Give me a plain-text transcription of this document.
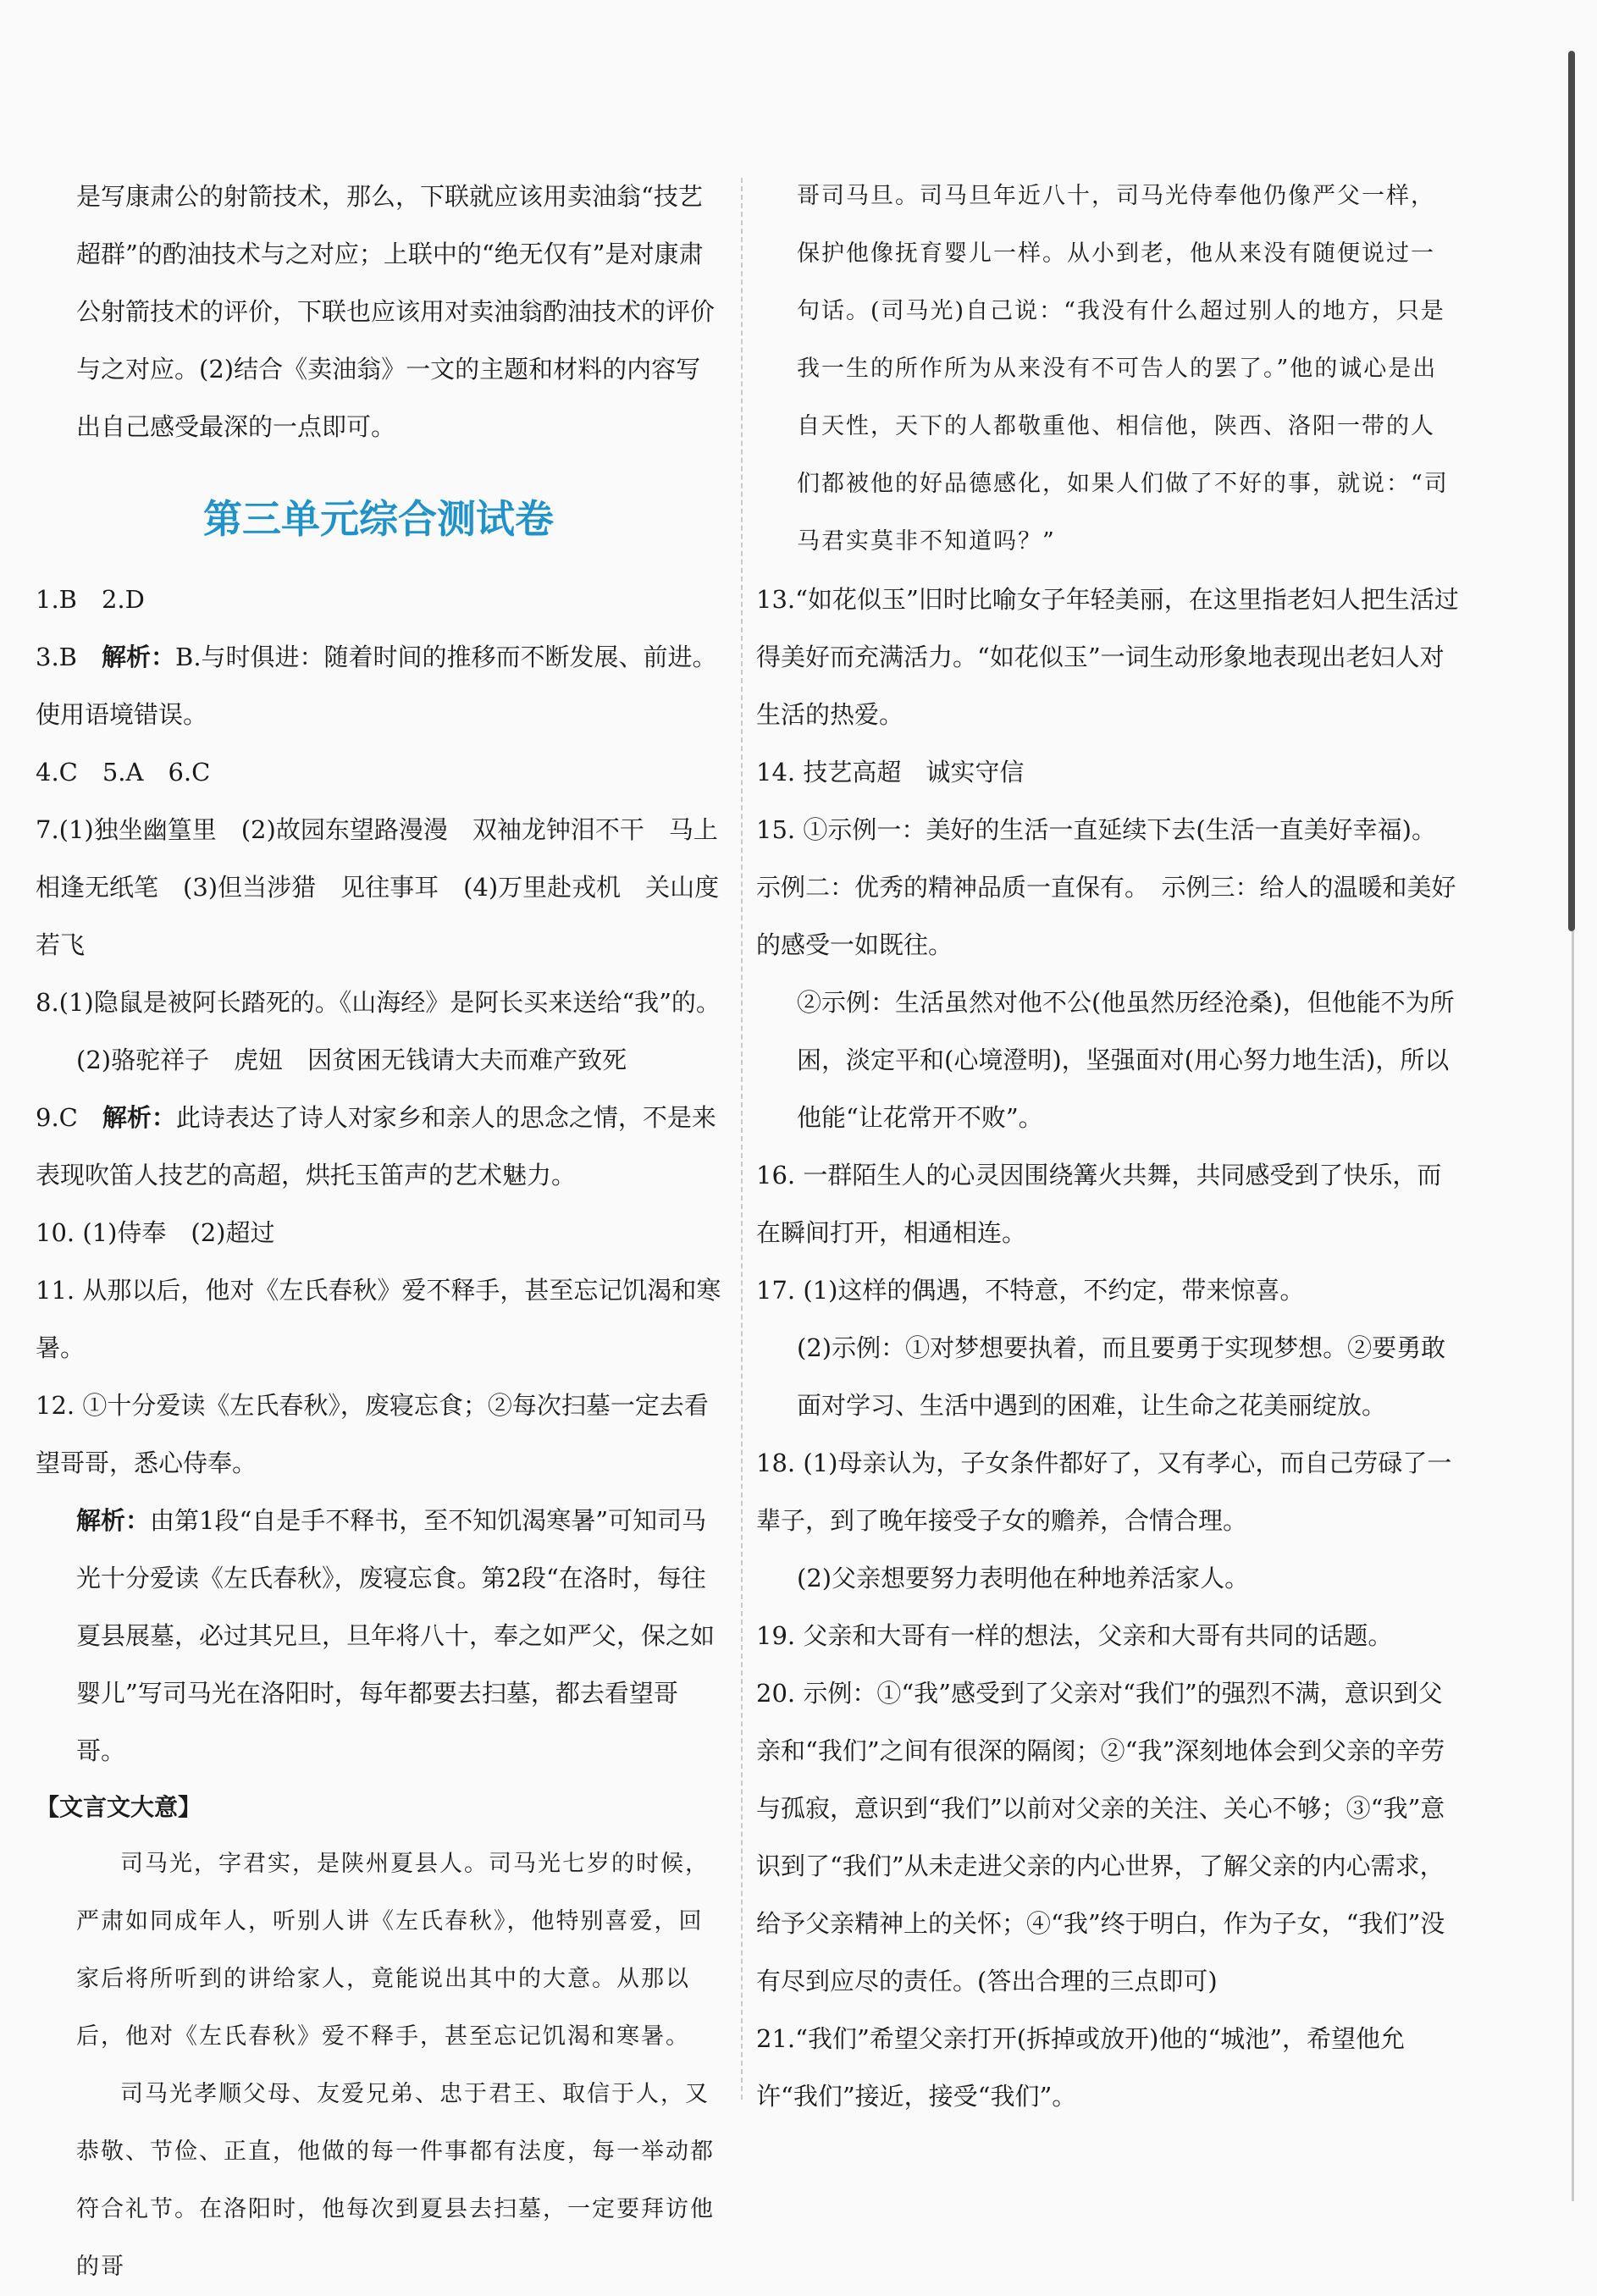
是写康肃公的射箭技术，那么，下联就应该用卖油翁“技艺超群”的酌油技术与之对应；上联中的“绝无仅有”是对康肃公射箭技术的评价，下联也应该用对卖油翁酌油技术的评价与之对应。(2)结合《卖油翁》一文的主题和材料的内容写出自己感受最深的一点即可。

第三单元综合测试卷

1.B　2.D

3.B　 解析：B.与时俱进：随着时间的推移而不断发展、前进。使用语境错误。

4.C　5.A　6.C

7.(1)独坐幽篁里　(2)故园东望路漫漫　双袖龙钟泪不干　马上相逢无纸笔　(3)但当涉猎　见往事耳　(4)万里赴戎机　关山度若飞

8.(1)隐鼠是被阿长踏死的。《山海经》是阿长买来送给“我”的。

(2)骆驼祥子　虎妞　因贫困无钱请大夫而难产致死

9.C　 解析：此诗表达了诗人对家乡和亲人的思念之情，不是来表现吹笛人技艺的高超，烘托玉笛声的艺术魅力。

10. (1)侍奉　(2)超过

11. 从那以后，他对《左氏春秋》爱不释手，甚至忘记饥渴和寒暑。

12. ①十分爱读《左氏春秋》，废寝忘食；②每次扫墓一定去看望哥哥，悉心侍奉。

解析：由第1段“自是手不释书，至不知饥渴寒暑”可知司马光十分爱读《左氏春秋》，废寝忘食。第2段“在洛时，每往夏县展墓，必过其兄旦，旦年将八十，奉之如严父，保之如婴儿”写司马光在洛阳时，每年都要去扫墓，都去看望哥哥。

【文言文大意】

司马光，字君实，是陕州夏县人。司马光七岁的时候，严肃如同成年人，听别人讲《左氏春秋》，他特别喜爱，回家后将所听到的讲给家人，竟能说出其中的大意。从那以后，他对《左氏春秋》爱不释手，甚至忘记饥渴和寒暑。

司马光孝顺父母、友爱兄弟、忠于君王、取信于人，又恭敬、节俭、正直，他做的每一件事都有法度，每一举动都符合礼节。在洛阳时，他每次到夏县去扫墓，一定要拜访他的哥

哥司马旦。司马旦年近八十，司马光侍奉他仍像严父一样，保护他像抚育婴儿一样。从小到老，他从来没有随便说过一句话。(司马光)自己说：“我没有什么超过别人的地方，只是我一生的所作所为从来没有不可告人的罢了。”他的诚心是出自天性，天下的人都敬重他、相信他，陕西、洛阳一带的人们都被他的好品德感化，如果人们做了不好的事，就说：“司马君实莫非不知道吗？”

13.“如花似玉”旧时比喻女子年轻美丽，在这里指老妇人把生活过得美好而充满活力。“如花似玉”一词生动形象地表现出老妇人对生活的热爱。

14. 技艺高超　诚实守信

15. ①示例一：美好的生活一直延续下去(生活一直美好幸福)。示例二：优秀的精神品质一直保有。　示例三：给人的温暖和美好的感受一如既往。

②示例：生活虽然对他不公(他虽然历经沧桑)，但他能不为所困，淡定平和(心境澄明)，坚强面对(用心努力地生活)，所以他能“让花常开不败”。

16. 一群陌生人的心灵因围绕篝火共舞，共同感受到了快乐，而在瞬间打开，相通相连。

17. (1)这样的偶遇，不特意，不约定，带来惊喜。

(2)示例：①对梦想要执着，而且要勇于实现梦想。②要勇敢面对学习、生活中遇到的困难，让生命之花美丽绽放。

18. (1)母亲认为，子女条件都好了，又有孝心，而自己劳碌了一辈子，到了晚年接受子女的赡养，合情合理。

(2)父亲想要努力表明他在种地养活家人。

19. 父亲和大哥有一样的想法，父亲和大哥有共同的话题。

20. 示例：①“我”感受到了父亲对“我们”的强烈不满，意识到父亲和“我们”之间有很深的隔阂；②“我”深刻地体会到父亲的辛劳与孤寂，意识到“我们”以前对父亲的关注、关心不够；③“我”意识到了“我们”从未走进父亲的内心世界，了解父亲的内心需求，给予父亲精神上的关怀；④“我”终于明白，作为子女，“我们”没有尽到应尽的责任。(答出合理的三点即可)

21.“我们”希望父亲打开(拆掉或放开)他的“城池”，希望他允许“我们”接近，接受“我们”。
